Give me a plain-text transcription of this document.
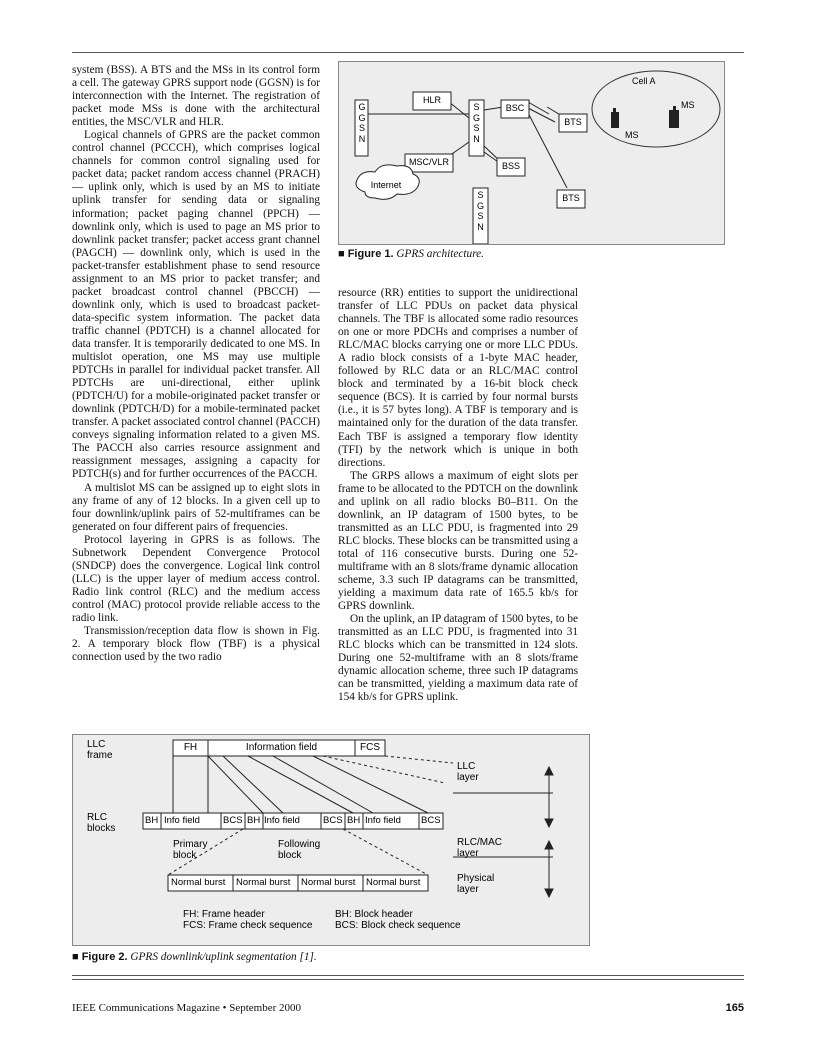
system (BSS). A BTS and the MSs in its control form a cell. The gateway GPRS support node (GGSN) is for interconnection with the Internet. The registration of packet mode MSs is done with the architectural entities, the MSC/VLR and HLR.

Logical channels of GPRS are the packet common control channel (PCCCH), which comprises logical channels for common control signaling used for packet data; packet random access channel (PRACH) — uplink only, which is used by an MS to initiate uplink transfer for sending data or signaling information; packet paging channel (PPCH) — downlink only, which is used to page an MS prior to downlink packet transfer; packet access grant channel (PAGCH) — downlink only, which is used in the packet-transfer establishment phase to send resource assignment to an MS prior to packet transfer; and packet broadcast control channel (PBCCH) — downlink only, which is used to broadcast packet-data-specific system information. The packet data traffic channel (PDTCH) is a channel allocated for data transfer. It is temporarily dedicated to one MS. In multislot operation, one MS may use multiple PDTCHs in parallel for individual packet transfer. All PDTCHs are uni-directional, either uplink (PDTCH/U) for a mobile-originated packet transfer or downlink (PDTCH/D) for a mobile-terminated packet transfer. A packet associated control channel (PACCH) conveys signaling information related to a given MS. The PACCH also carries resource assignment and reassignment messages, assigning a capacity for PDTCH(s) and for further occurrences of the PACCH.

A multislot MS can be assigned up to eight slots in any frame of any of 12 blocks. In a given cell up to four downlink/uplink pairs of 52-multiframes can be generated on four different pairs of frequencies.

Protocol layering in GPRS is as follows. The Subnetwork Dependent Convergence Protocol (SNDCP) does the convergence. Logical link control (LLC) is the upper layer of medium access control. Radio link control (RLC) and the medium access control (MAC) protocol provide reliable access to the radio link.

Transmission/reception data flow is shown in Fig. 2. A temporary block flow (TBF) is a physical connection used by the two radio

G
G
S
N
S
G
S
N
S
G
S
N
HLR
MSC/VLR
Internet
BSC
BSS
BTS
BTS
Cell A
MS
MS
■ Figure 1. GPRS architecture.

resource (RR) entities to support the unidirectional transfer of LLC PDUs on packet data physical channels. The TBF is allocated some radio resources on one or more PDCHs and comprises a number of RLC/MAC blocks carrying one or more LLC PDUs. A radio block consists of a 1-byte MAC header, followed by RLC data or an RLC/MAC control block and terminated by a 16-bit block check sequence (BCS). It is carried by four normal bursts (i.e., it is 57 bytes long). A TBF is temporary and is maintained only for the duration of the data transfer. Each TBF is assigned a temporary flow identity (TFI) by the network which is unique in both directions.

The GRPS allows a maximum of eight slots per frame to be allocated to the PDTCH on the downlink and uplink on all radio blocks B0–B11. On the downlink, an IP datagram of 1500 bytes, to be transmitted as an LLC PDU, is fragmented into 29 RLC blocks. These blocks can be transmitted using a total of 116 consecutive bursts. During one 52-multiframe with an 8 slots/frame dynamic allocation scheme, 3.3 such IP datagrams can be transmitted, yielding a maximum data rate of 165.5 kb/s for GPRS downlink.

On the uplink, an IP datagram of 1500 bytes, to be transmitted as an LLC PDU, is fragmented into 31 RLC blocks which can be transmitted in 124 slots. During one 52-multiframe with an 8 slots/frame dynamic allocation scheme, three such IP datagrams can be transmitted, yielding a maximum data rate of 154 kb/s for GPRS uplink.

LLC
frame
FH	Information field	FCS
LLC
layer
RLC
blocks
BH Info field BCS BH Info field BCS BH Info field BCS
Primary
block
Following
block
RLC/MAC
layer
Normal burst Normal burst Normal burst Normal burst	Physical
layer
FH: Frame header
FCS: Frame check sequence
BH: Block header
BCS: Block check sequence
■ Figure 2. GPRS downlink/uplink segmentation [1].
IEEE Communications Magazine • September 2000	165
